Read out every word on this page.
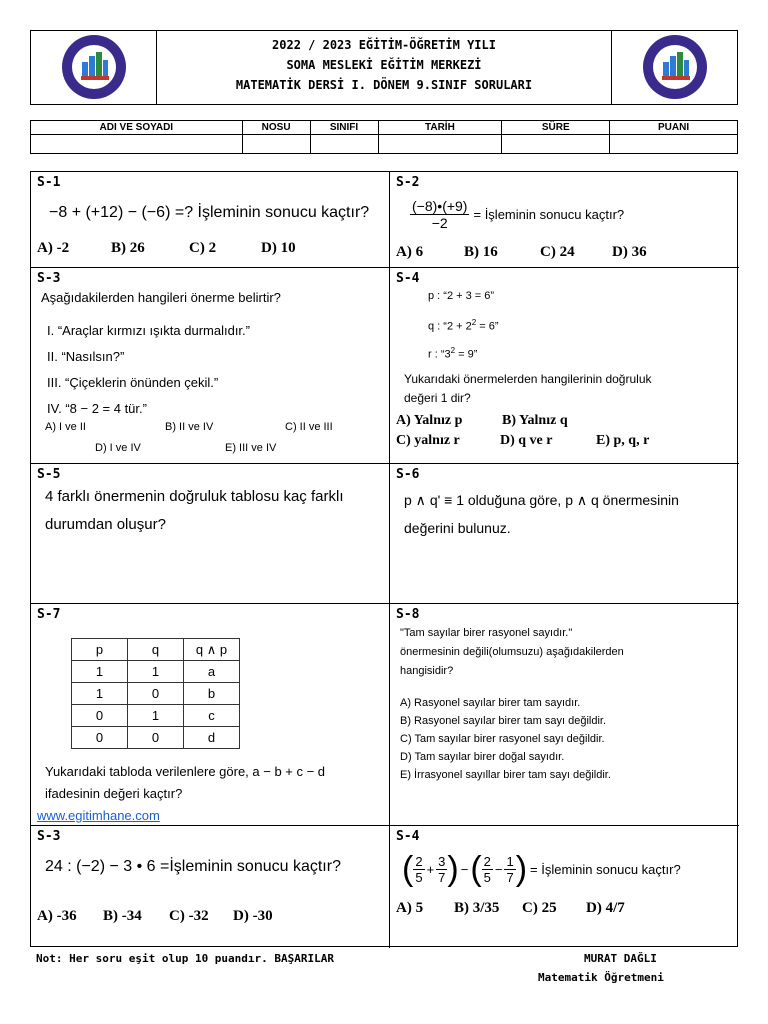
2022 / 2023 EĞİTİM-ÖĞRETİM YILI
SOMA MESLEKİ EĞİTİM MERKEZİ
MATEMATİK DERSİ I. DÖNEM 9.SINIF SORULARI
ADI VE SOYADI	NOSU	SINIFI	TARİH	SÜRE	PUANI

S-1
−8 + (+12) − (−6) =? İşleminin sonucu kaçtır?
A) -2	B) 26	C) 2	D) 10
S-2
$\frac{(-8)•(+9)}{-2}$ = İşleminin sonucu kaçtır?
A) 6	B) 16	C) 24 D) 36
S-3
Aşağıdakilerden hangileri önerme belirtir?
I. “Araçlar kırmızı ışıkta durmalıdır.”
II. “Nasılsın?”
III. “Çiçeklerin önünden çekil.”
IV. “8 − 2 = 4 tür.”
A) I ve II	B) II ve IV	C) II ve III
D) I ve IV	E) III ve IV
S-4
p : “2 + 3 = 6”
q : “$2 + 2^2 = 6$”
r : “$3^2 = 9$”
Yukarıdaki önermelerden hangilerinin doğruluk
değeri 1 dir?
A) Yalnız p	B) Yalnız q
C) yalnız r	D) q ve r	E) p, q, r
S-5
4 farklı önermenin doğruluk tablosu kaç farklı
durumdan oluşur?
S-6
p ∧ q' ≡ 1 olduğuna göre, p ∧ q önermesinin
değerini bulunuz.
S-7
p	q	q ∧ p
1	1	a
1	0	b
0	1	c
0	0	d
Yukarıdaki tabloda verilenlere göre, a − b + c − d
ifadesinin değeri kaçtır?
www.egitimhane.com
S-8
"Tam sayılar birer rasyonel sayıdır."
önermesinin değili(olumsuzu) aşağıdakilerden
hangisidir?
A) Rasyonel sayılar birer tam sayıdır.
B) Rasyonel sayılar birer tam sayı değildir.
C) Tam sayılar birer rasyonel sayı değildir.
D) Tam sayılar birer doğal sayıdır.
E) İrrasyonel sayıllar birer tam sayı değildir.
S-3
24 : (−2) − 3 • 6 =İşleminin sonucu kaçtır?
A) -36 B) -34 C) -32 D) -30
S-4
( $\frac{2}{5} + \frac{3}{7}$ ) − ( $\frac{2}{5} - \frac{1}{7}$ ) = İşleminin sonucu kaçtır?
A) 5 B) 3/35 C) 25 D) 4/7
Not: Her soru eşit olup 10 puandır. BAŞARILAR	MURAT DAĞLI
Matematik Öğretmeni
